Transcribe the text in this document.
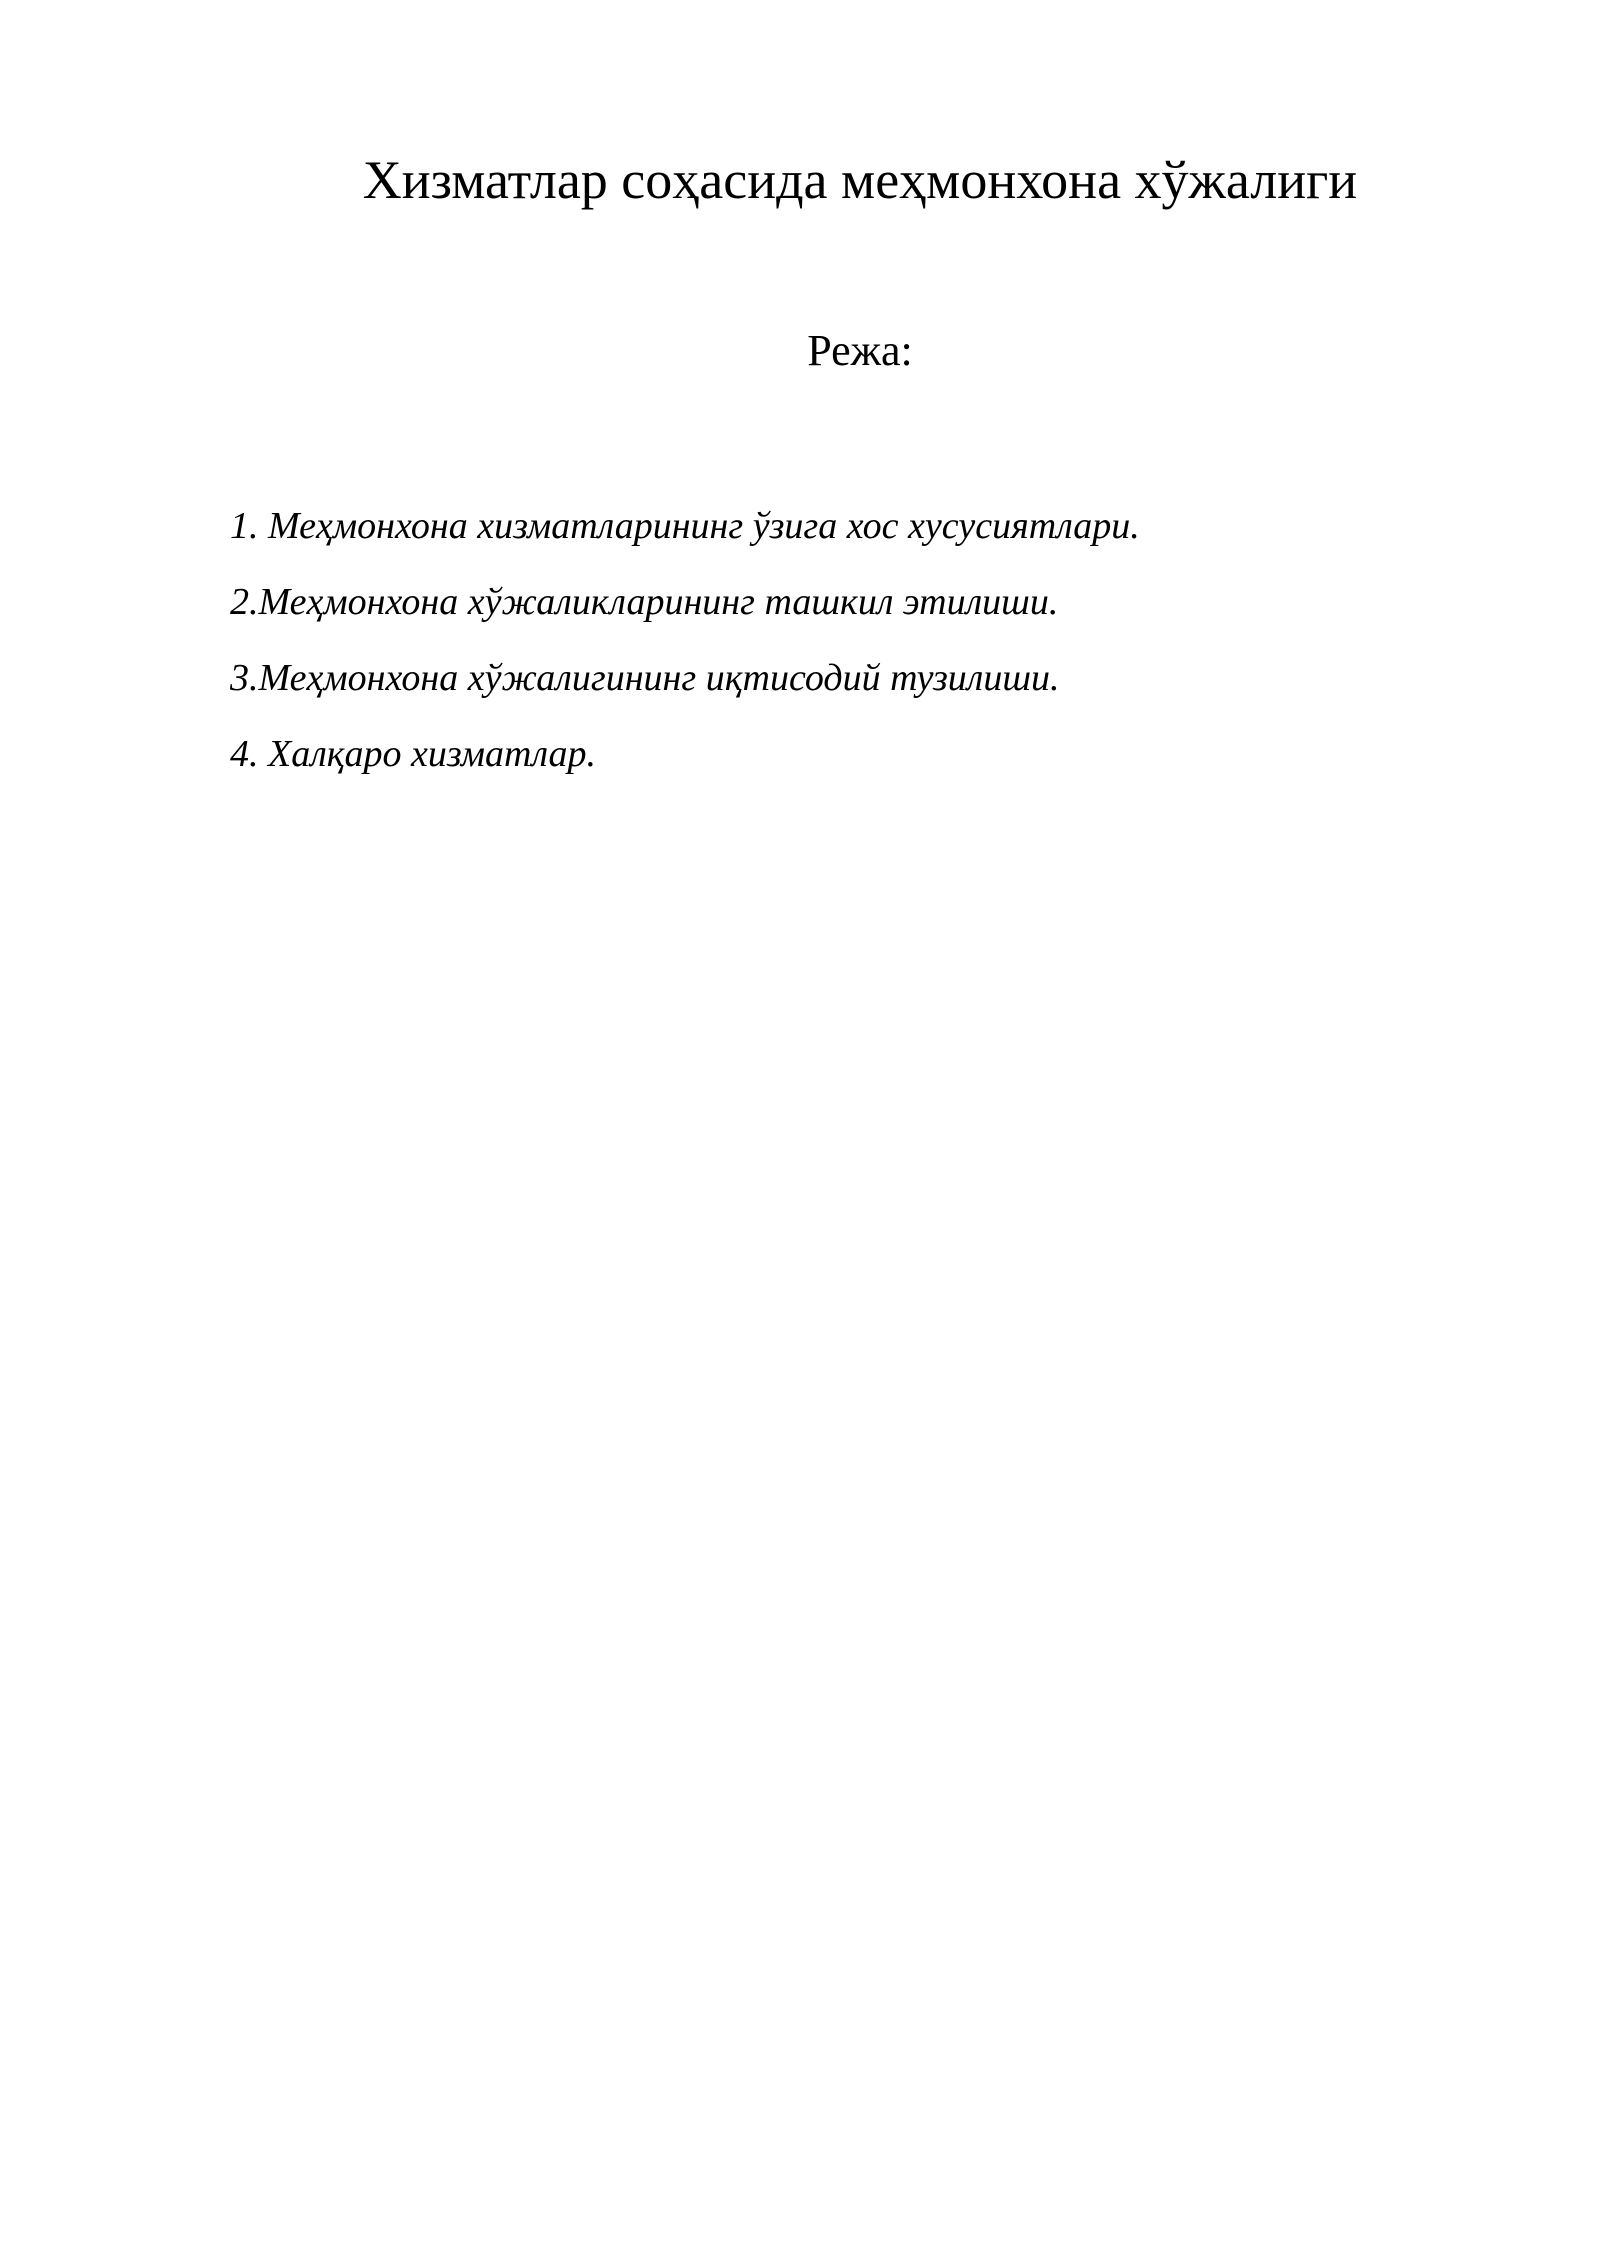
Хизматлар соҳасида меҳмонхона хўжалиги
Режа:
1. Меҳмонхона хизматларининг ўзига хос хусусиятлари.
2.Меҳмонхона хўжаликларининг ташкил этилиши.
3.Меҳмонхона хўжалигининг иқтисодий тузилиши.
4. Халқаро хизматлар.
